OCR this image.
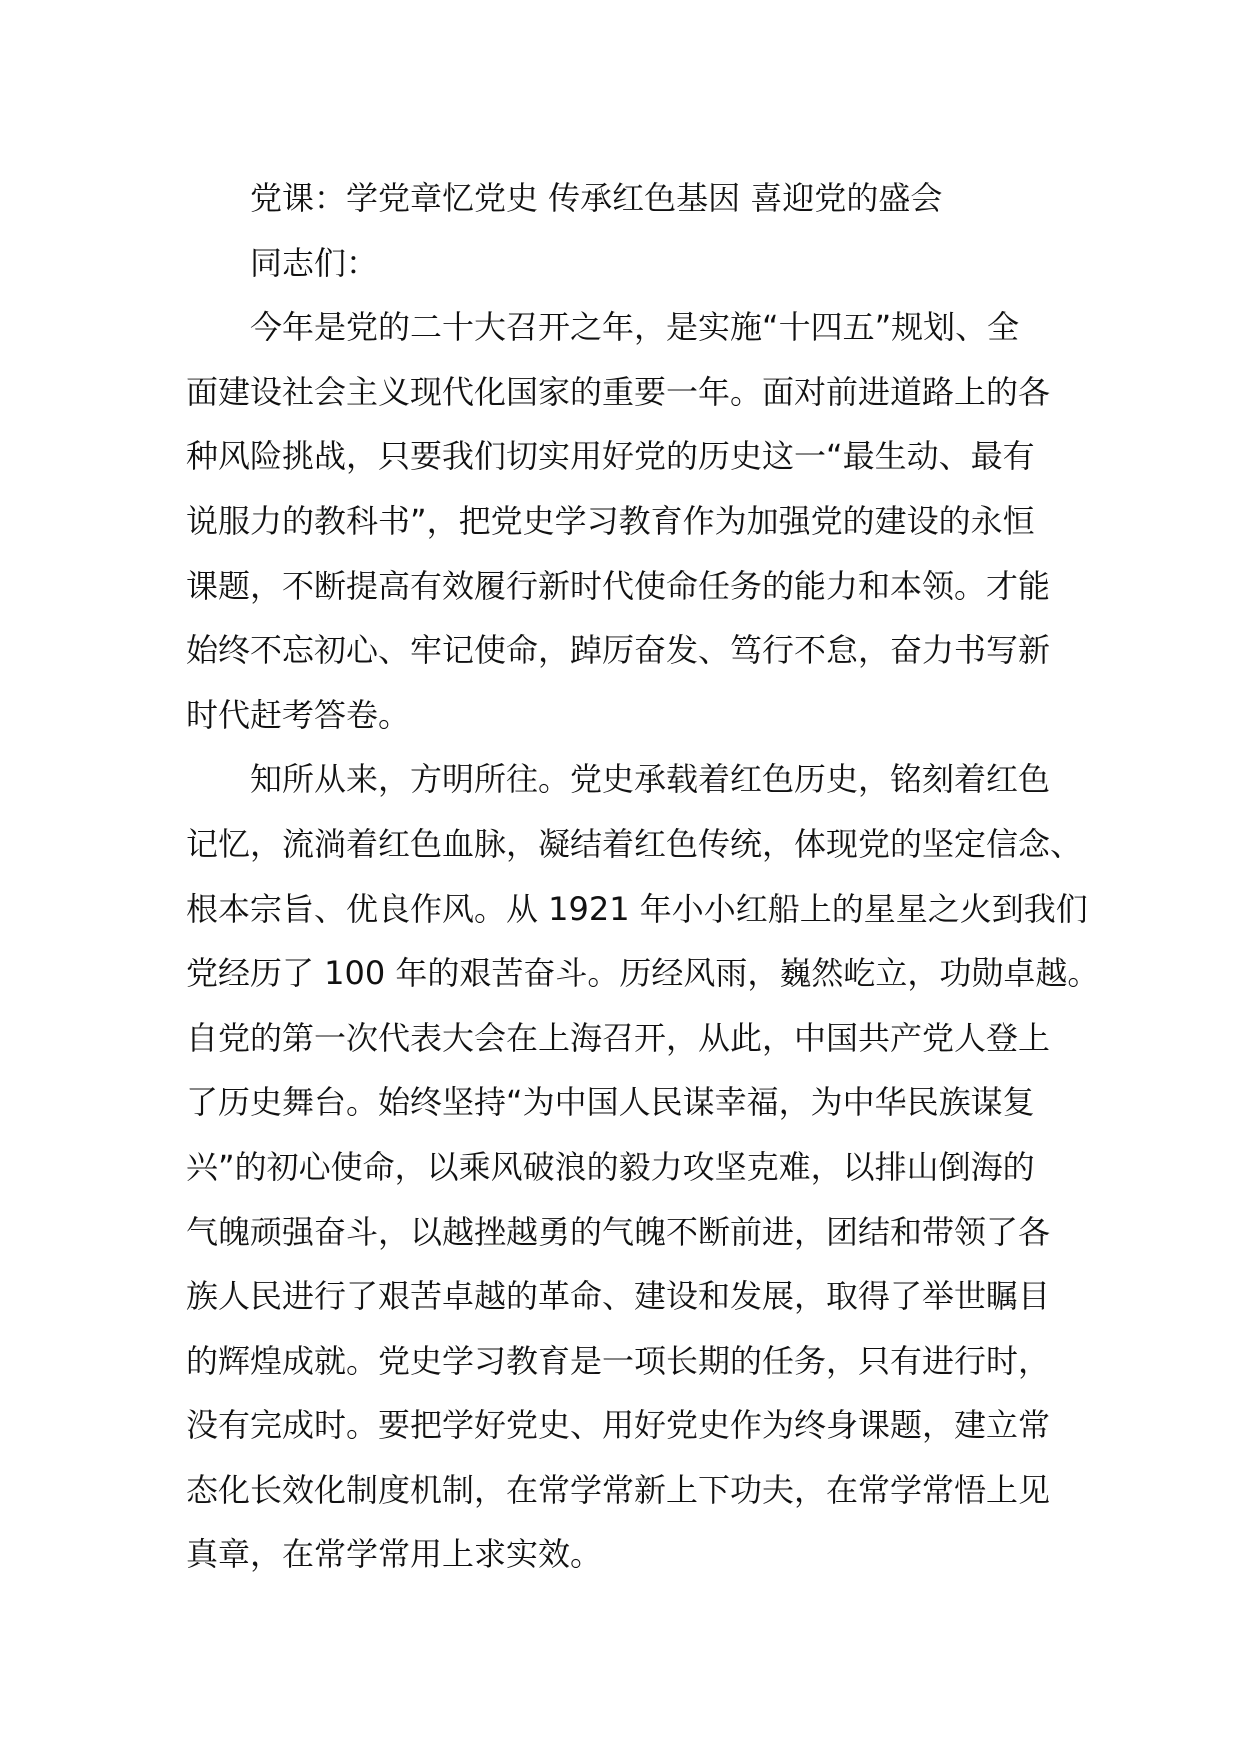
党课：学党章忆党史 传承红色基因 喜迎党的盛会
同志们：
今年是党的二十大召开之年，是实施“十四五”规划、全
面建设社会主义现代化国家的重要一年。面对前进道路上的各
种风险挑战，只要我们切实用好党的历史这一“最生动、最有
说服力的教科书”，把党史学习教育作为加强党的建设的永恒
课题，不断提高有效履行新时代使命任务的能力和本领。才能
始终不忘初心、牢记使命，踔厉奋发、笃行不怠，奋力书写新
时代赶考答卷。
知所从来，方明所往。党史承载着红色历史，铭刻着红色
记忆，流淌着红色血脉，凝结着红色传统，体现党的坚定信念、
根本宗旨、优良作风。从 1921 年小小红船上的星星之火到我们
党经历了 100 年的艰苦奋斗。历经风雨，巍然屹立，功勋卓越。
自党的第一次代表大会在上海召开，从此，中国共产党人登上
了历史舞台。始终坚持“为中国人民谋幸福，为中华民族谋复
兴”的初心使命，以乘风破浪的毅力攻坚克难，以排山倒海的
气魄顽强奋斗，以越挫越勇的气魄不断前进，团结和带领了各
族人民进行了艰苦卓越的革命、建设和发展，取得了举世瞩目
的辉煌成就。党史学习教育是一项长期的任务，只有进行时，
没有完成时。要把学好党史、用好党史作为终身课题，建立常
态化长效化制度机制，在常学常新上下功夫，在常学常悟上见
真章，在常学常用上求实效。
